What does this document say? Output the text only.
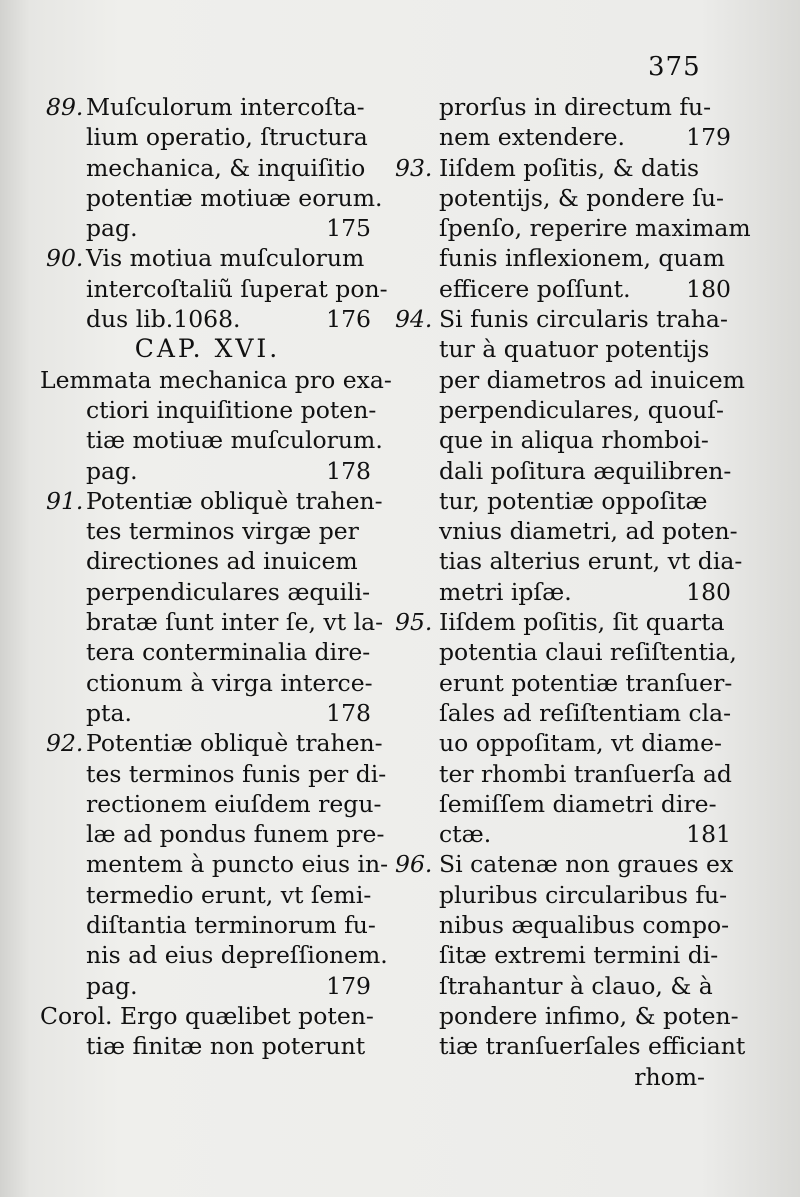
375
89. Muſculorum intercoſta-
lium operatio, ſtructura
mechanica, & inquiſitio
potentiæ motiuæ eorum.
pag.	175
90. Vis motiua muſculorum
intercoſtaliũ ſuperat pon-
dus lib.1068.	176
CAP. XVI.
Lemmata mechanica pro exa-
ctiori inquiſitione poten-
tiæ motiuæ muſculorum.
pag.	178
91. Potentiæ obliquè trahen-
tes terminos virgæ per
directiones ad inuicem
perpendiculares æquili-
bratæ ſunt inter ſe, vt la-
tera conterminalia dire-
ctionum à virga interce-
pta.	178
92. Potentiæ obliquè trahen-
tes terminos funis per di-
rectionem eiuſdem regu-
læ ad pondus funem pre-
mentem à puncto eius in-
termedio erunt, vt ſemi-
diſtantia terminorum fu-
nis ad eius depreſſionem.
pag.	179
Corol. Ergo quælibet poten-
tiæ finitæ non poterunt
prorſus in directum fu-
nem extendere.	179
93. Iiſdem poſitis, & datis
potentijs, & pondere ſu-
ſpenſo, reperire maximam
funis inflexionem, quam
efficere poſſunt. 180
94. Si funis circularis traha-
tur à quatuor potentijs
per diametros ad inuicem
perpendiculares, quouſ-
que in aliqua rhomboi-
dali poſitura æquilibren-
tur, potentiæ oppoſitæ
vnius diametri, ad poten-
tias alterius erunt, vt dia-
metri ipſæ.	180
95. Iiſdem poſitis, ſit quarta
potentia claui reſiſtentia,
erunt potentiæ tranſuer-
ſales ad reſiſtentiam cla-
uo oppoſitam, vt diame-
ter rhombi tranſuerſa ad
ſemiſſem diametri dire-
ctæ.	181
96. Si catenæ non graues ex
pluribus circularibus fu-
nibus æqualibus compo-
ſitæ extremi termini di-
ſtrahantur à clauo, & à
pondere infimo, & poten-
tiæ tranſuerſales efficiant
rhom-
